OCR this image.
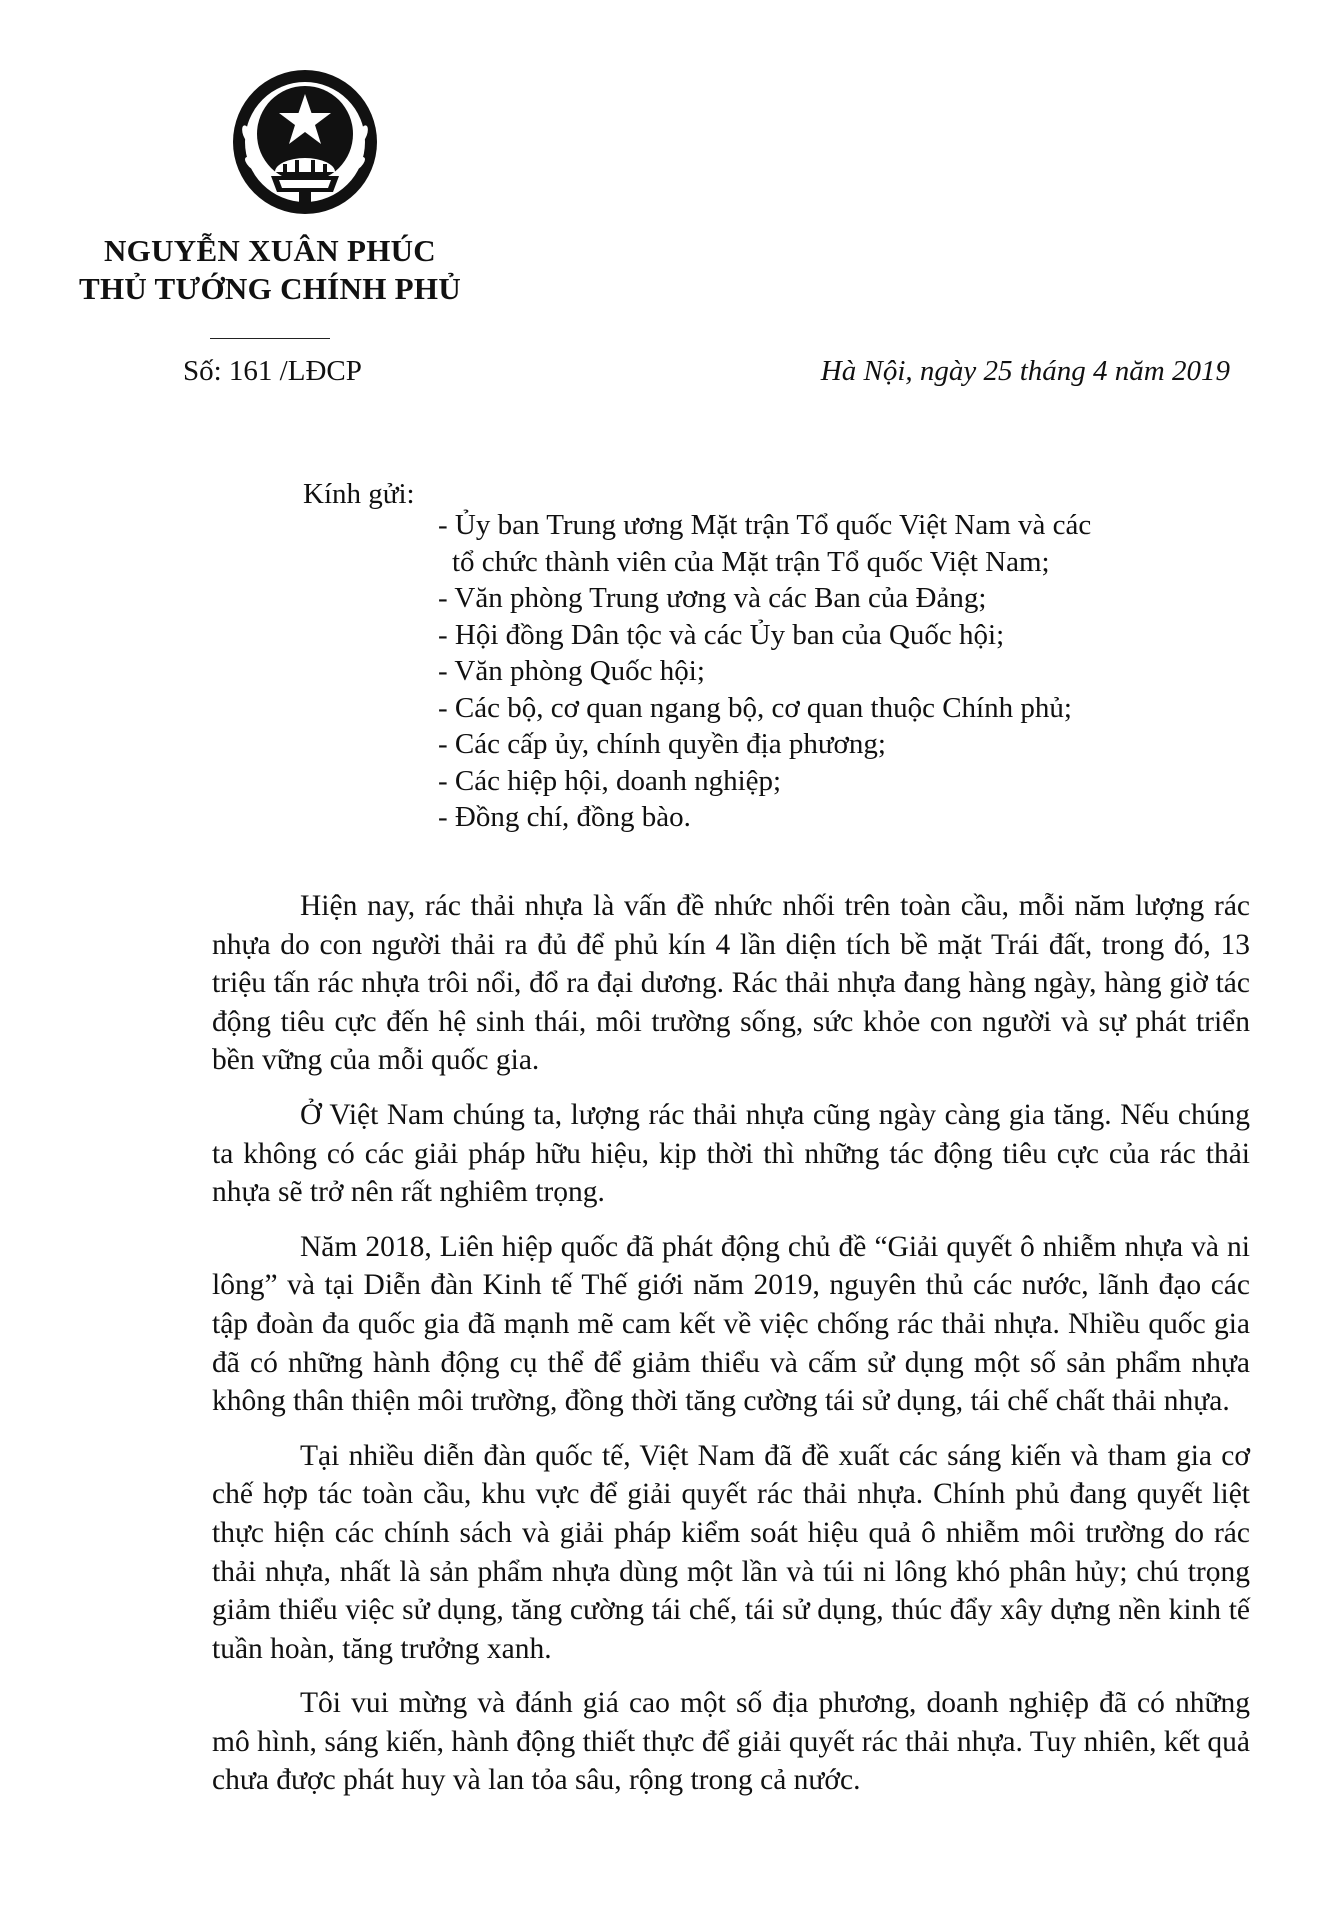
NGUYỄN XUÂN PHÚC
THỦ TƯỚNG CHÍNH PHỦ
Số: 161 /LĐCP	Hà Nội, ngày 25 tháng 4 năm 2019
Kính gửi:
- Ủy ban Trung ương Mặt trận Tổ quốc Việt Nam và các
tổ chức thành viên của Mặt trận Tổ quốc Việt Nam;
- Văn phòng Trung ương và các Ban của Đảng;
- Hội đồng Dân tộc và các Ủy ban của Quốc hội;
- Văn phòng Quốc hội;
- Các bộ, cơ quan ngang bộ, cơ quan thuộc Chính phủ;
- Các cấp ủy, chính quyền địa phương;
- Các hiệp hội, doanh nghiệp;
- Đồng chí, đồng bào.

Hiện nay, rác thải nhựa là vấn đề nhức nhối trên toàn cầu, mỗi năm lượng rác nhựa do con người thải ra đủ để phủ kín 4 lần diện tích bề mặt Trái đất, trong đó, 13 triệu tấn rác nhựa trôi nổi, đổ ra đại dương. Rác thải nhựa đang hàng ngày, hàng giờ tác động tiêu cực đến hệ sinh thái, môi trường sống, sức khỏe con người và sự phát triển bền vững của mỗi quốc gia.

Ở Việt Nam chúng ta, lượng rác thải nhựa cũng ngày càng gia tăng. Nếu chúng ta không có các giải pháp hữu hiệu, kịp thời thì những tác động tiêu cực của rác thải nhựa sẽ trở nên rất nghiêm trọng.

Năm 2018, Liên hiệp quốc đã phát động chủ đề “Giải quyết ô nhiễm nhựa và ni lông” và tại Diễn đàn Kinh tế Thế giới năm 2019, nguyên thủ các nước, lãnh đạo các tập đoàn đa quốc gia đã mạnh mẽ cam kết về việc chống rác thải nhựa. Nhiều quốc gia đã có những hành động cụ thể để giảm thiểu và cấm sử dụng một số sản phẩm nhựa không thân thiện môi trường, đồng thời tăng cường tái sử dụng, tái chế chất thải nhựa.

Tại nhiều diễn đàn quốc tế, Việt Nam đã đề xuất các sáng kiến và tham gia cơ chế hợp tác toàn cầu, khu vực để giải quyết rác thải nhựa. Chính phủ đang quyết liệt thực hiện các chính sách và giải pháp kiểm soát hiệu quả ô nhiễm môi trường do rác thải nhựa, nhất là sản phẩm nhựa dùng một lần và túi ni lông khó phân hủy; chú trọng giảm thiểu việc sử dụng, tăng cường tái chế, tái sử dụng, thúc đẩy xây dựng nền kinh tế tuần hoàn, tăng trưởng xanh.

Tôi vui mừng và đánh giá cao một số địa phương, doanh nghiệp đã có những mô hình, sáng kiến, hành động thiết thực để giải quyết rác thải nhựa. Tuy nhiên, kết quả chưa được phát huy và lan tỏa sâu, rộng trong cả nước.
